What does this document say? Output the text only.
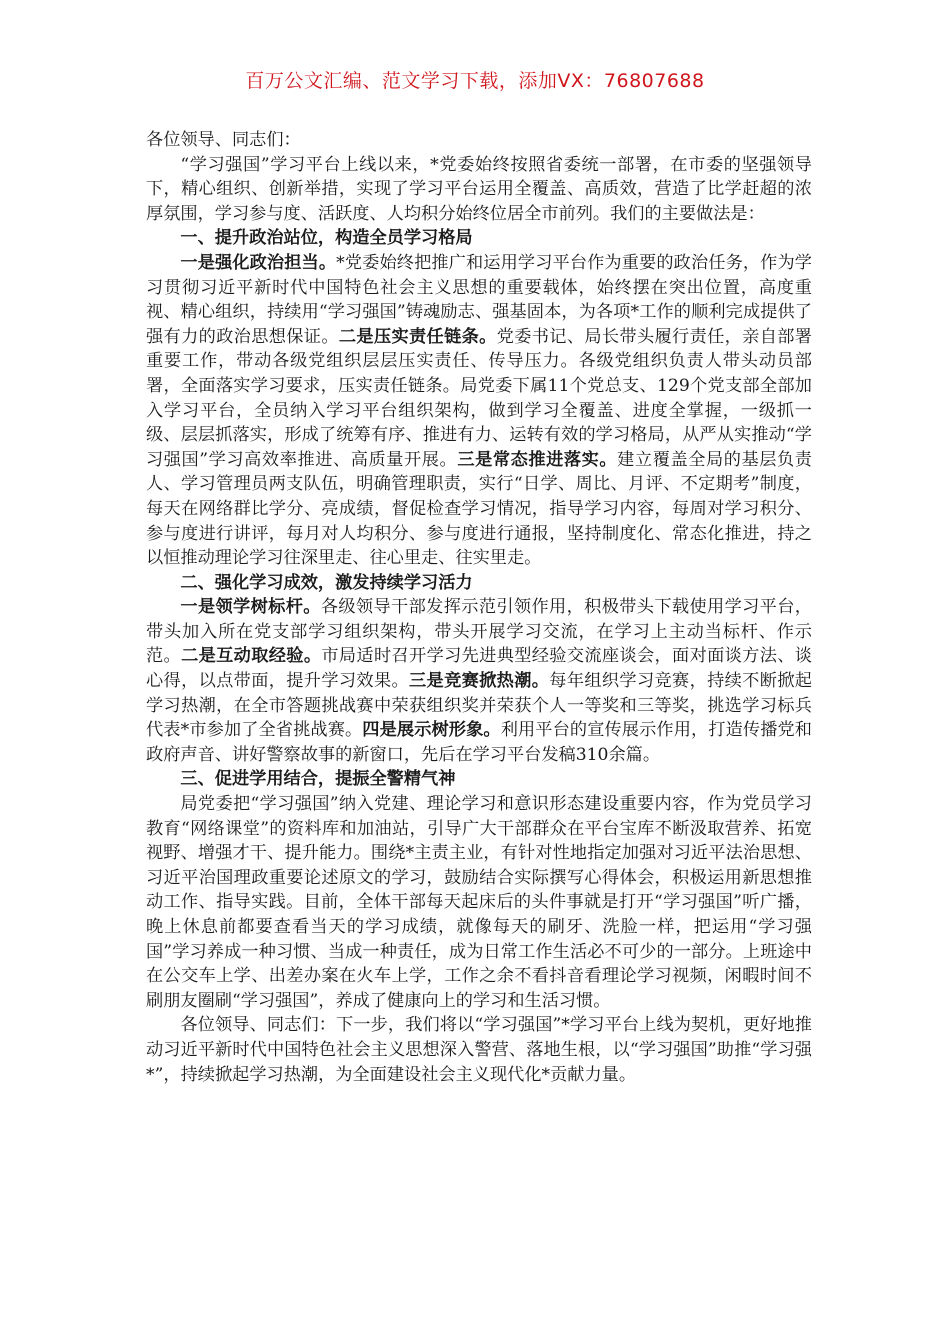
百万公文汇编、范文学习下载，添加VX：76807688

各位领导、同志们：

“学习强国”学习平台上线以来，*党委始终按照省委统一部署，在市委的坚强领导下，精心组织、创新举措，实现了学习平台运用全覆盖、高质效，营造了比学赶超的浓厚氛围，学习参与度、活跃度、人均积分始终位居全市前列。我们的主要做法是：

一、提升政治站位，构造全员学习格局

一是强化政治担当。*党委始终把推广和运用学习平台作为重要的政治任务，作为学习贯彻习近平新时代中国特色社会主义思想的重要载体，始终摆在突出位置，高度重视、精心组织，持续用“学习强国”铸魂励志、强基固本，为各项*工作的顺利完成提供了强有力的政治思想保证。二是压实责任链条。党委书记、局长带头履行责任，亲自部署重要工作，带动各级党组织层层压实责任、传导压力。各级党组织负责人带头动员部署，全面落实学习要求，压实责任链条。局党委下属11个党总支、129个党支部全部加入学习平台，全员纳入学习平台组织架构，做到学习全覆盖、进度全掌握，一级抓一级、层层抓落实，形成了统筹有序、推进有力、运转有效的学习格局，从严从实推动“学习强国”学习高效率推进、高质量开展。三是常态推进落实。建立覆盖全局的基层负责人、学习管理员两支队伍，明确管理职责，实行“日学、周比、月评、不定期考”制度，每天在网络群比学分、亮成绩，督促检查学习情况，指导学习内容，每周对学习积分、参与度进行讲评，每月对人均积分、参与度进行通报，坚持制度化、常态化推进，持之以恒推动理论学习往深里走、往心里走、往实里走。

二、强化学习成效，激发持续学习活力

一是领学树标杆。各级领导干部发挥示范引领作用，积极带头下载使用学习平台，带头加入所在党支部学习组织架构，带头开展学习交流，在学习上主动当标杆、作示范。二是互动取经验。市局适时召开学习先进典型经验交流座谈会，面对面谈方法、谈心得，以点带面，提升学习效果。三是竞赛掀热潮。每年组织学习竞赛，持续不断掀起学习热潮，在全市答题挑战赛中荣获组织奖并荣获个人一等奖和三等奖，挑选学习标兵代表*市参加了全省挑战赛。四是展示树形象。利用平台的宣传展示作用，打造传播党和政府声音、讲好警察故事的新窗口，先后在学习平台发稿310余篇。

三、促进学用结合，提振全警精气神

局党委把“学习强国”纳入党建、理论学习和意识形态建设重要内容，作为党员学习教育“网络课堂”的资料库和加油站，引导广大干部群众在平台宝库不断汲取营养、拓宽视野、增强才干、提升能力。围绕*主责主业，有针对性地指定加强对习近平法治思想、习近平治国理政重要论述原文的学习，鼓励结合实际撰写心得体会，积极运用新思想推动工作、指导实践。目前，全体干部每天起床后的头件事就是打开“学习强国”听广播，晚上休息前都要查看当天的学习成绩，就像每天的刷牙、洗脸一样，把运用“学习强国”学习养成一种习惯、当成一种责任，成为日常工作生活必不可少的一部分。上班途中在公交车上学、出差办案在火车上学，工作之余不看抖音看理论学习视频，闲暇时间不刷朋友圈刷“学习强国”，养成了健康向上的学习和生活习惯。

各位领导、同志们：下一步，我们将以“学习强国”*学习平台上线为契机，更好地推动习近平新时代中国特色社会主义思想深入警营、落地生根，以“学习强国”助推“学习强*”，持续掀起学习热潮，为全面建设社会主义现代化*贡献力量。
